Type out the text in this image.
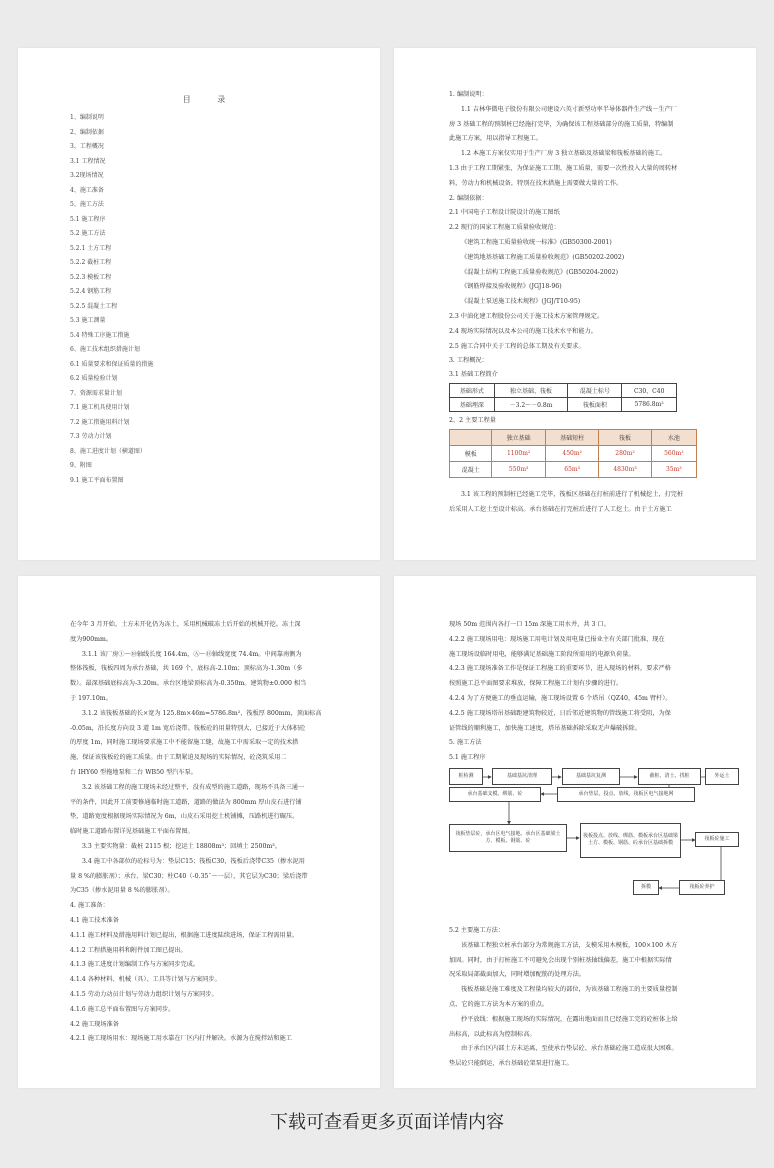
目 录
1、编制说明
2、编制依据
3、工程概况
3.1 工程情况
3.2现场情况
4、施工准备
5、施工方法
5.1 施工程序
5.2 施工方法
5.2.1 土方工程
5.2.2 截桩工程
5.2.3 模板工程
5.2.4 钢筋工程
5.2.5 混凝土工程
5.3 施工测量
5.4 特殊工序施工措施
6、施工技术组织措施计划
6.1 质量要求和保证质量的措施
6.2 质量检验计划
7、资源需求量计划
7.1 施工机具使用计划
7.2 施工措施用料计划
7.3 劳动力计划
8、施工进度计划（横道图）
9、附图
9.1 施工平面布置图
1. 编制说明：
1.1 吉林华微电子股份有限公司建设六英寸新型功率半导体器件生产线－生产厂
房 3 基础工程的预制桩已经施打完毕，为确保该工程基础部分的施工质量，特编制
此施工方案，用以指导工程施工。
1.2 本施工方案仅实用于生产厂房 3 独立基础及基础梁和筏板基础的施工。
1.3 由于工程工期紧张，为保证施工工期、施工质量，需要一次性投入大量的周转材
料，劳动力和机械设备，特别在技术措施上需要做大量的工作。
2. 编制依据：
2.1 中国电子工程设计院设计的施工图纸
2.2 现行的国家工程施工质量验收规范：
《建筑工程施工质量验收统一标准》(GB50300-2001)
《建筑地基基础工程施工质量验收规范》(GB50202-2002)
《混凝土结构工程施工质量验收规范》(GB50204-2002)
《钢筋焊接及验收规程》(JGJ18-96)
《混凝土泵送施工技术规程》(JGJ/T10-95)
2.3 中油化建工程股份公司关于施工技术方案管理规定。
2.4 现场实际情况以及本公司的施工技术水平和能力。
2.5 施工合同中关于工程的总体工期及有关要求。
3. 工程概况：
3.1 基础工程简介
基础形式	独立基础、筏板	混凝土标号	C30、C40
基础埋深	－3.2～－0.8m	筏板面积	5786.8m²
2、2 主要工程量
	独立基础	基础短柱	筏板	水池
模板	1100m²	450m²	280m²	560m²
混凝土	550m³	65m³	4830m³	35m³
3.1 该工程的预制桩已经施工完毕，筏板区基础在打桩前进行了机械挖土，打完桩
后采用人工挖土至设计标高。承台基础在打完桩后进行了人工挖土。由于土方施工
在今年 3 月开始，土方未开化仍为冻土，采用机械破冻土后开始的机械开挖。冻土深
度为900mm。
3.1.1 该厂房①～⑩轴线长度 164.4m，Ⓐ～Ⓗ轴线宽度 74.4m。中间靠南侧为
整体筏板，筏板四周为承台基础，共 169 个，底标高-2.10m；顶标高为-1.30m（多
数）。最深基础底标高为-3.20m。承台区地梁顶标高为-0.350m。建筑物±0.000 相当
于 197.10m。
3.1.2 该筏板基础的长×宽为 125.8m×46m=5786.8m²，筏板厚 800mm，顶面标高
-0.05m，沿长度方向设 3 道 1m 宽后浇带。筏板砼的用量特别大，已接近于大体积砼
的厚度 1m，同时施工现场要求施工中不能留施工缝，故施工中需采取一定的技术措
施，保证该筏板砼的施工质量。由于工期紧迫及现场的实际情况，砼浇筑采用二
台 IHY60 型拖地泵和二台 WB50 型汽车泵。
3.2 该基础工程的施工现场未经过整平，没有成型的施工道路，现场不具备三通一
平的条件，因此开工前要修通临时施工道路，道路的做法为 800mm 厚山皮石进行铺
垫，道路宽度根据现场实际情况为 6m，山皮石采用挖土机铺摊，压路机进行碾压。
临时施工道路布置详见基础施工平面布置图。
3.3 主要实物量：截桩 2115 根；挖运土 18808m³；回填土 2500m³。
3.4 施工中各部位的砼标号为：垫层C15；筏板C30，筏板后浇带C35（掺水泥用
量 8 %的膨胀剂）；承台、梁C30；柱C40（-0.35¯～一层），其它层为C30；梁后浇带
为C35（掺水泥用量 8 %的膨胀剂）。
4. 施工准备：
4.1 施工技术准备
4.1.1 施工材料及措施用料计划已提出，根据施工进度陆续进场，保证工程需用量。
4.1.2 工程措施用料和附件加工图已提出。
4.1.3 施工进度计划编制工作与方案同步完成。
4.1.4 各种材料、机械（具）、工具等计划与方案同步。
4.1.5 劳动力动员计划与劳动力组织计划与方案同步。
4.1.6 施工总平面布置图与方案同步。
4.2 施工现场准备
4.2.1 施工现场用水：现场施工用水靠在厂区内打井解决。水源为在搅拌站和施工
现场 50m 范围内各打一口 15m 深施工用水井，共 3 口。
4.2.2 施工现场用电：现场施工用电计划及用电量已报业主有关部门批准，现在
施工现场设临时用电，能够满足基础施工阶段所需用的电源负荷量。
4.2.3 施工现场准备工作是保证工程施工的重要环节，进入现场的材料，要求严格
按照施工总平面图要求堆放，保障工程施工计划有步骤的进行。
4.2.4 为了方便施工的垂直运输，施工现场设置 6 个塔吊（QZ40，45m 臂杆）。
4.2.5 施工现场塔吊基础距建筑物较近，日后邻近建筑物的管线施工将受阻，为保
证管线的顺利施工，加快施工速度，塔吊基础拆除采取无声爆破拆除。
5. 施工方法
5.1 施工程序
桩检测	基础基坑清理	基础基坑复测	截桩、清土、找桩	外运土
承台基础支模、绑筋、砼	承台垫层，投点、放线，筏板区电气接地网
筏板垫层砼，承台区电气接地、承台区基础梁土方、模板、钢筋、砼
筏板投点、放线、绑筋、模板承台区基础梁土方、模板、钢筋、砼承台区基础拆模
筏板砼施工
拆模	筏板砼养护
5.2 主要施工方法：
该基础工程独立桩承台部分为常规施工方法，支模采用木模板，100×100 木方
加固。同时，由于打桩施工不可避免会出现个别桩基轴线偏差，施工中根据实际情
况采取局部截面加大，同时增加配筋的处理方法。
筏板基础是施工难度及工程量均较大的部位，为该基础工程施工的主要质量控制
点，它的施工方法为本方案的重点。
抄平放线：根据施工现场的实际情况，在露出地面而且已经施工完的砼桩体上给
出标高，以此标高为控制标高。
由于承台区内部土方未运离，至使承台垫层砼、承台基础砼施工造成很大困难。
垫层砼只能倒运，承台基础砼架泵进行施工。
下载可查看更多页面详情内容
